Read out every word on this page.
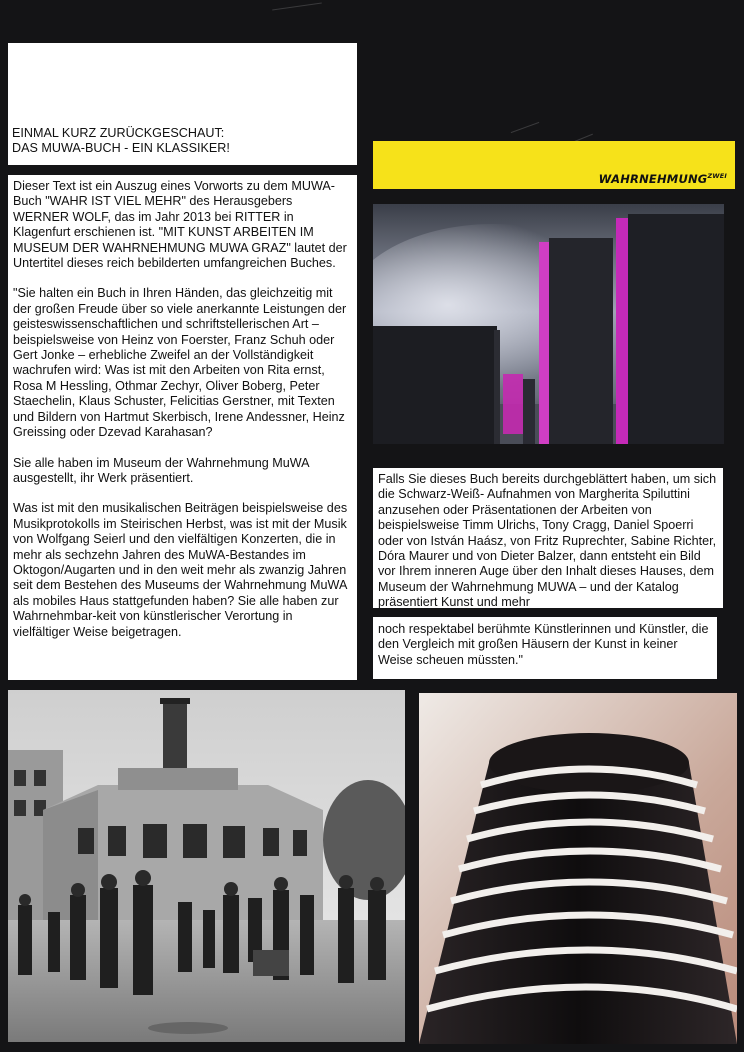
EINMAL KURZ ZURÜCKGESCHAUT:
DAS MUWA-BUCH - EIN KLASSIKER!

Dieser Text ist ein Auszug eines Vorworts zu dem MUWA-Buch "WAHR IST VIEL MEHR" des Herausgebers WERNER WOLF, das im Jahr 2013 bei RITTER in Klagenfurt erschienen ist. "MIT KUNST ARBEITEN IM MUSEUM DER WAHRNEHMUNG MUWA GRAZ" lautet der Untertitel dieses reich bebilderten umfangreichen Buches.

"Sie halten ein Buch in Ihren Händen, das gleichzeitig mit der großen Freude über so viele anerkannte Leistungen der geisteswissenschaftlichen und schriftstellerischen Art – beispielsweise von Heinz von Foerster, Franz Schuh oder Gert Jonke – erhebliche Zweifel an der Vollständigkeit wachrufen wird: Was ist mit den Arbeiten von Rita ernst, Rosa M Hessling, Othmar Zechyr, Oliver Boberg, Peter Staechelin, Klaus Schuster, Felicitias Gerstner, mit Texten und Bildern von Hartmut Skerbisch, Irene Andessner, Heinz Greissing oder Dzevad Karahasan?

Sie alle haben im Museum der Wahrnehmung MuWA ausgestellt, ihr Werk präsentiert.

Was ist mit den musikalischen Beiträgen beispielsweise des Musikprotokolls im Steirischen Herbst, was ist mit der Musik von Wolfgang Seierl und den vielfältigen Konzerten, die in mehr als sechzehn Jahren des MuWA-Bestandes im Oktogon/Augarten und in den weit mehr als zwanzig Jahren seit dem Bestehen des Museums der Wahrnehmung MuWA als mobiles Haus stattgefunden haben? Sie alle haben zur Wahrnehmbar-keit von künstlerischer Verortung in vielfältiger Weise beigetragen.

$WAHRNEHMUNG^{ZWEI}$
Falls Sie dieses Buch bereits durchgeblättert haben, um sich die Schwarz-Weiß- Aufnahmen von Margherita Spiluttini anzusehen oder Präsentationen der Arbeiten von beispielsweise Timm Ulrichs, Tony Cragg, Daniel Spoerri oder von István Haász, von Fritz Ruprechter, Sabine Richter, Dóra Maurer und von Dieter Balzer, dann entsteht ein Bild vor Ihrem inneren Auge über den Inhalt dieses Hauses, dem Museum der Wahrnehmung MUWA – und der Katalog präsentiert Kunst und mehr
noch respektabel berühmte Künstlerinnen und Künstler, die den Vergleich mit großen Häusern der Kunst in keiner Weise scheuen müssten."
